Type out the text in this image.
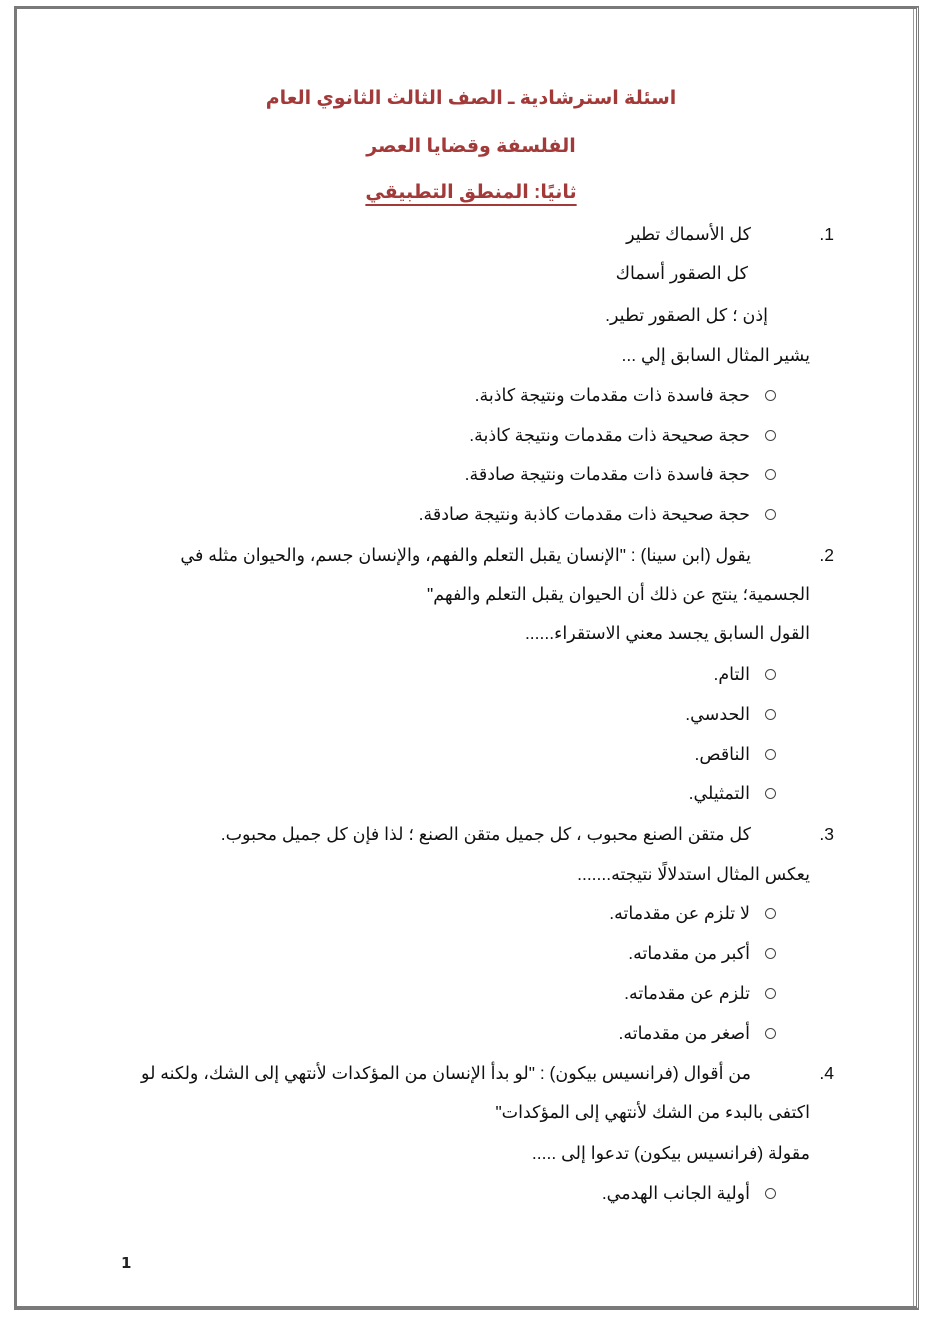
اسئلة استرشادية ـ الصف الثالث الثانوي العام
الفلسفة وقضايا العصر
ثانيًا: المنطق التطبيقي
.1
كل الأسماك تطير
كل الصقور أسماك
إذن ؛ كل الصقور تطير.
يشير المثال السابق إلي ...
حجة فاسدة ذات مقدمات ونتيجة كاذبة.
حجة صحيحة ذات مقدمات ونتيجة كاذبة.
حجة فاسدة ذات مقدمات ونتيجة صادقة.
حجة صحيحة ذات مقدمات كاذبة ونتيجة صادقة.
.2
يقول (ابن سينا) : "الإنسان يقبل التعلم والفهم، والإنسان جسم، والحيوان مثله في
الجسمية؛ ينتج عن ذلك أن الحيوان يقبل التعلم والفهم"
القول السابق يجسد معني الاستقراء......
التام.
الحدسي.
الناقص.
التمثيلي.
.3
كل متقن الصنع محبوب ، كل جميل متقن الصنع ؛ لذا فإن كل جميل محبوب.
يعكس المثال استدلالًا نتيجته.......
لا تلزم عن مقدماته.
أكبر من مقدماته.
تلزم عن مقدماته.
أصغر من مقدماته.
.4
من أقوال (فرانسيس بيكون) : "لو بدأ الإنسان من المؤكدات لأنتهي إلى الشك، ولكنه لو
اكتفى بالبدء من الشك لأنتهي إلى المؤكدات"
مقولة (فرانسيس بيكون) تدعوا إلى .....
أولية الجانب الهدمي.
1
